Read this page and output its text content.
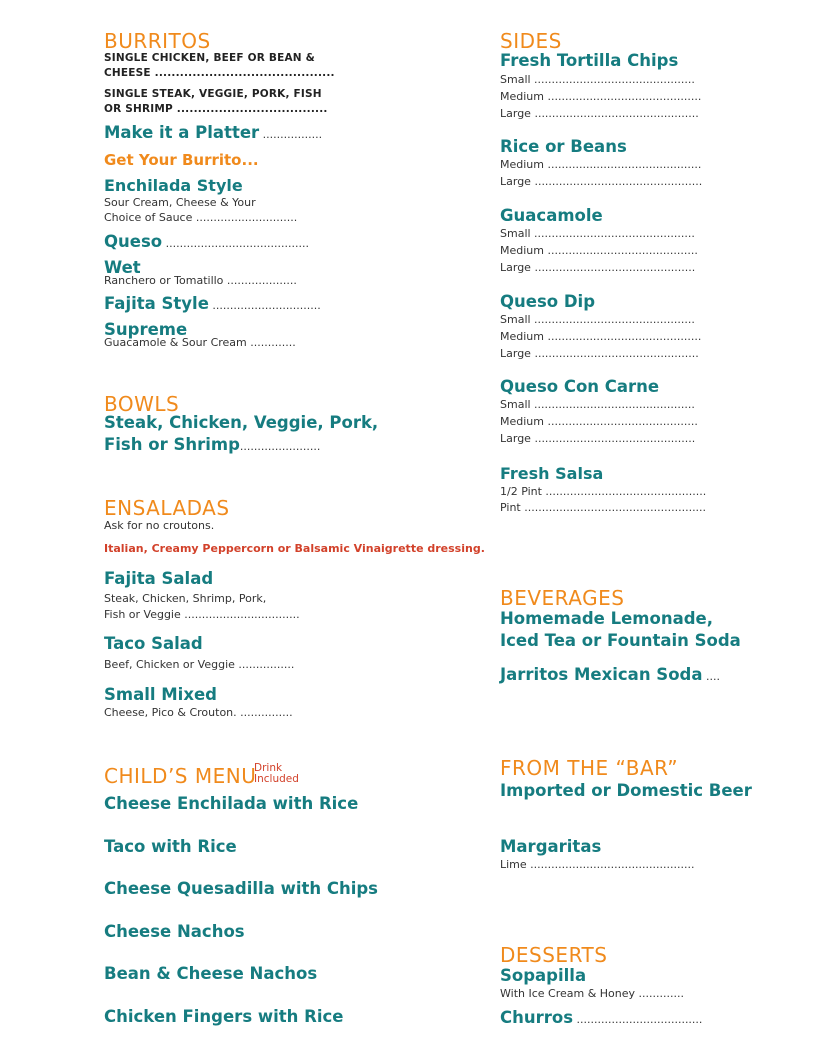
BURRITOS
SINGLE CHICKEN, BEEF OR BEAN &
CHEESE ...........................................
SINGLE STEAK, VEGGIE, PORK, FISH
OR SHRIMP ....................................
Make it a Platter .................
Get Your Burrito...
Enchilada Style
Sour Cream, Cheese & Your
Choice of Sauce .............................
Queso .........................................
Wet
Ranchero or Tomatillo ....................
Fajita Style ...............................
Supreme
Guacamole & Sour Cream .............
BOWLS
Steak, Chicken, Veggie, Pork,
Fish or Shrimp.......................
ENSALADAS
Ask for no croutons.
Italian, Creamy Peppercorn or Balsamic Vinaigrette dressing.
Fajita Salad
Steak, Chicken, Shrimp, Pork,
Fish or Veggie .................................
Taco Salad
Beef, Chicken or Veggie ................
Small Mixed
Cheese, Pico & Crouton. ...............
CHILD’S MENU
Drink
Included
Cheese Enchilada with Rice
Taco with Rice
Cheese Quesadilla with Chips
Cheese Nachos
Bean & Cheese Nachos
Chicken Fingers with Rice
SIDES
Fresh Tortilla Chips
Small ..............................................
Medium ............................................
Large ...............................................
Rice or Beans
Medium ............................................
Large ................................................
Guacamole
Small ..............................................
Medium ...........................................
Large ..............................................
Queso Dip
Small ..............................................
Medium ............................................
Large ...............................................
Queso Con Carne
Small ..............................................
Medium ...........................................
Large ..............................................
Fresh Salsa
1/2 Pint ..............................................
Pint ....................................................
BEVERAGES
Homemade Lemonade,
Iced Tea or Fountain Soda
Jarritos Mexican Soda ....
FROM THE “BAR”
Imported or Domestic Beer
Margaritas
Lime ...............................................
DESSERTS
Sopapilla
With Ice Cream & Honey .............
Churros ....................................
